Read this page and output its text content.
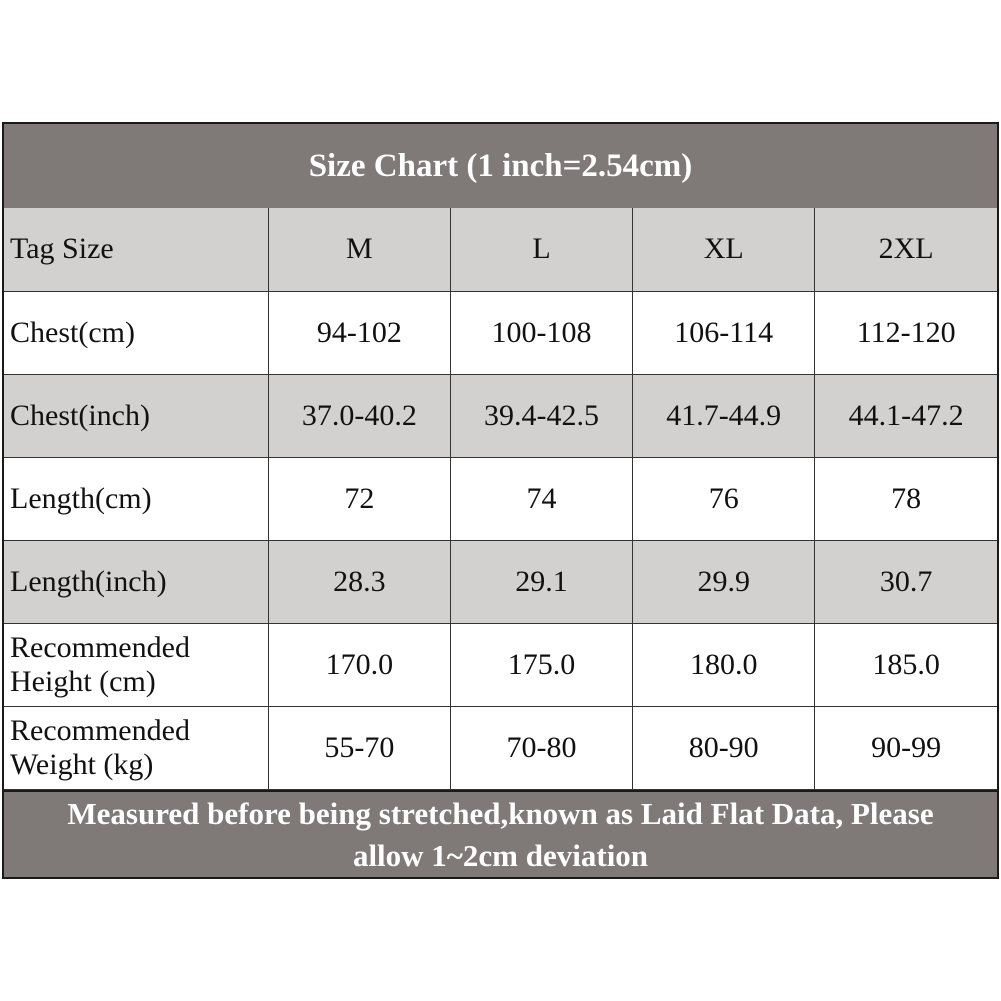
Size Chart (1 inch=2.54cm)
Tag Size	M	L	XL	2XL
Chest(cm)	94-102	100-108	106-114	112-120
Chest(inch)	37.0-40.2	39.4-42.5	41.7-44.9	44.1-47.2
Length(cm)	72	74	76	78
Length(inch)	28.3	29.1	29.9	30.7

Recommended
Height (cm)	170.0	175.0	180.0	185.0

Recommended
Weight (kg)	55-70	70-80	80-90	90-99
Measured before being stretched,known as Laid Flat Data, Please
allow 1~2cm deviation
